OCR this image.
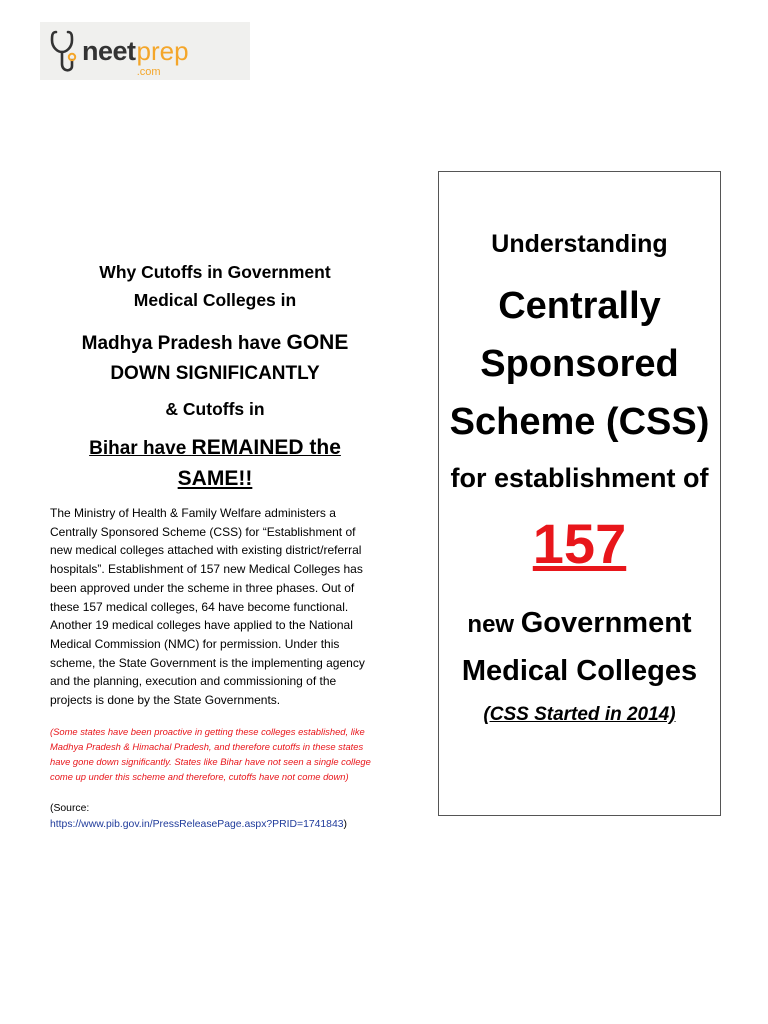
neet prep
.com
Why Cutoffs in Government
Medical Colleges in
Madhya Pradesh have GONE
DOWN SIGNIFICANTLY
& Cutoffs in
Bihar have REMAINED the
SAME!!
The Ministry of Health & Family Welfare administers a Centrally Sponsored Scheme (CSS) for “Establishment of new medical colleges attached with existing district/referral hospitals”. Establishment of 157 new Medical Colleges has been approved under the scheme in three phases. Out of these 157 medical colleges, 64 have become functional. Another 19 medical colleges have applied to the National Medical Commission (NMC) for permission. Under this scheme, the State Government is the implementing agency and the planning, execution and commissioning of the projects is done by the State Governments.
(Some states have been proactive in getting these colleges established, like Madhya Pradesh & Himachal Pradesh, and therefore cutoffs in these states have gone down significantly. States like Bihar have not seen a single college come up under this scheme and therefore, cutoffs have not come down)
(Source:
https://www.pib.gov.in/PressReleasePage.aspx?PRID=1741843)
Understanding
Centrally
Sponsored
Scheme (CSS)
for establishment of
157
new Government
Medical Colleges
(CSS Started in 2014)
